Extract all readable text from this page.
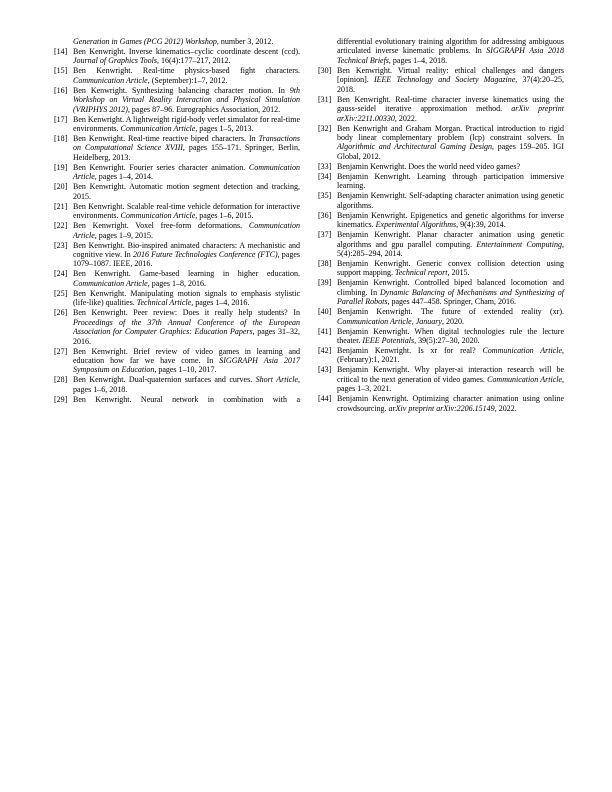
Generation in Games (PCG 2012) Workshop, number 3, 2012.
[14] Ben Kenwright. Inverse kinematics–cyclic coordinate descent (ccd). Journal of Graphics Tools, 16(4):177–217, 2012.
[15] Ben Kenwright. Real-time physics-based fight characters. Communication Article, (September):1–7, 2012.
[16] Ben Kenwright. Synthesizing balancing character motion. In 9th Workshop on Virtual Reality Interaction and Physical Simulation (VRIPHYS 2012), pages 87–96. Eurographics Association, 2012.
[17] Ben Kenwright. A lightweight rigid-body verlet simulator for real-time environments. Communication Article, pages 1–5, 2013.
[18] Ben Kenwright. Real-time reactive biped characters. In Transactions on Computational Science XVIII, pages 155–171. Springer, Berlin, Heidelberg, 2013.
[19] Ben Kenwright. Fourier series character animation. Communication Article, pages 1–4, 2014.
[20] Ben Kenwright. Automatic motion segment detection and tracking, 2015.
[21] Ben Kenwright. Scalable real-time vehicle deformation for interactive environments. Communication Article, pages 1–6, 2015.
[22] Ben Kenwright. Voxel free-form deformations. Communication Article, pages 1–9, 2015.
[23] Ben Kenwright. Bio-inspired animated characters: A mechanistic and cognitive view. In 2016 Future Technologies Conference (FTC), pages 1079–1087. IEEE, 2016.
[24] Ben Kenwright. Game-based learning in higher education. Communication Article, pages 1–8, 2016.
[25] Ben Kenwright. Manipulating motion signals to emphasis stylistic (life-like) qualities. Technical Article, pages 1–4, 2016.
[26] Ben Kenwright. Peer review: Does it really help students? In Proceedings of the 37th Annual Conference of the European Association for Computer Graphics: Education Papers, pages 31–32, 2016.
[27] Ben Kenwright. Brief review of video games in learning and education how far we have come. In SIGGRAPH Asia 2017 Symposium on Education, pages 1–10, 2017.
[28] Ben Kenwright. Dual-quaternion surfaces and curves. Short Article, pages 1–6, 2018.
[29] Ben Kenwright. Neural network in combination with a
differential evolutionary training algorithm for addressing ambiguous articulated inverse kinematic problems. In SIGGRAPH Asia 2018 Technical Briefs, pages 1–4, 2018.
[30] Ben Kenwright. Virtual reality: ethical challenges and dangers [opinion]. IEEE Technology and Society Magazine, 37(4):20–25, 2018.
[31] Ben Kenwright. Real-time character inverse kinematics using the gauss-seidel iterative approximation method. arXiv preprint arXiv:2211.00330, 2022.
[32] Ben Kenwright and Graham Morgan. Practical introduction to rigid body linear complementary problem (lcp) constraint solvers. In Algorithmic and Architectural Gaming Design, pages 159–205. IGI Global, 2012.
[33] Benjamin Kenwright. Does the world need video games?
[34] Benjamin Kenwright. Learning through participation immersive learning.
[35] Benjamin Kenwright. Self-adapting character animation using genetic algorithms.
[36] Benjamin Kenwright. Epigenetics and genetic algorithms for inverse kinematics. Experimental Algorithms, 9(4):39, 2014.
[37] Benjamin Kenwright. Planar character animation using genetic algorithms and gpu parallel computing. Entertainment Computing, 5(4):285–294, 2014.
[38] Benjamin Kenwright. Generic convex collision detection using support mapping. Technical report, 2015.
[39] Benjamin Kenwright. Controlled biped balanced locomotion and climbing. In Dynamic Balancing of Mechanisms and Synthesizing of Parallel Robots, pages 447–458. Springer, Cham, 2016.
[40] Benjamin Kenwright. The future of extended reality (xr). Communication Article, January, 2020.
[41] Benjamin Kenwright. When digital technologies rule the lecture theater. IEEE Potentials, 39(5):27–30, 2020.
[42] Benjamin Kenwright. Is xr for real? Communication Article, (February):1, 2021.
[43] Benjamin Kenwright. Why player-ai interaction research will be critical to the next generation of video games. Communication Article, pages 1–3, 2021.
[44] Benjamin Kenwright. Optimizing character animation using online crowdsourcing. arXiv preprint arXiv:2206.15149, 2022.
